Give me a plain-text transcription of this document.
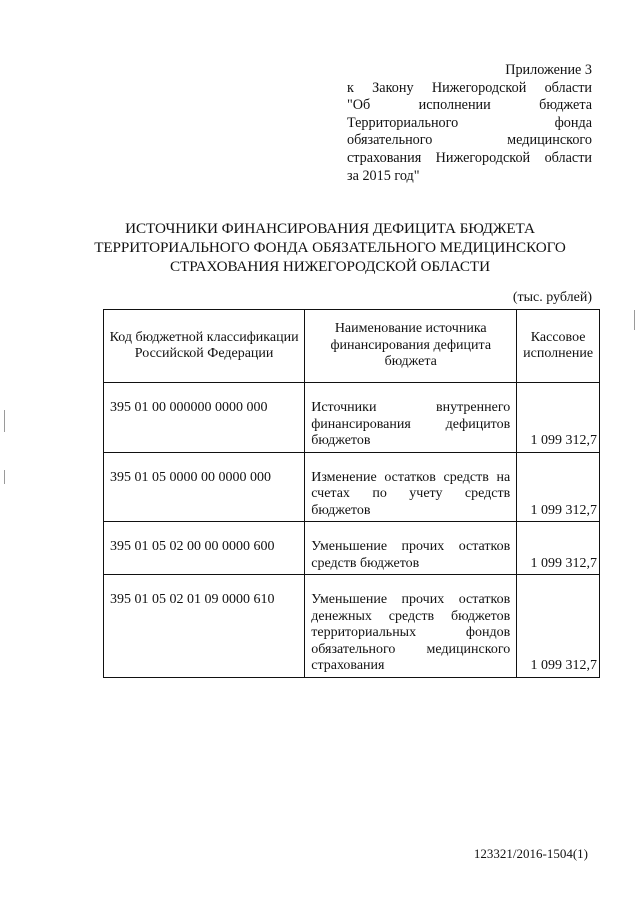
Приложение 3
к Закону Нижегородской области
"Об исполнении бюджета
Территориального фонда
обязательного медицинского
страхования Нижегородской области
за 2015 год"
ИСТОЧНИКИ ФИНАНСИРОВАНИЯ ДЕФИЦИТА БЮДЖЕТА
ТЕРРИТОРИАЛЬНОГО ФОНДА ОБЯЗАТЕЛЬНОГО МЕДИЦИНСКОГО
СТРАХОВАНИЯ НИЖЕГОРОДСКОЙ ОБЛАСТИ
(тыс. рублей)
Код бюджетной классификации Российской Федерации	Наименование источника финансирования дефицита бюджета	Кассовое исполнение
395 01 00 000000 0000 000	Источники внутреннего финансирования дефицитов бюджетов	1 099 312,7
395 01 05 0000 00 0000 000	Изменение остатков средств на счетах по учету средств бюджетов	1 099 312,7
395 01 05 02 00 00 0000 600	Уменьшение прочих остатков средств бюджетов	1 099 312,7
395 01 05 02 01 09 0000 610	Уменьшение прочих остатков денежных средств бюджетов территориальных фондов обязательного медицинского страхования	1 099 312,7
123321/2016-1504(1)
